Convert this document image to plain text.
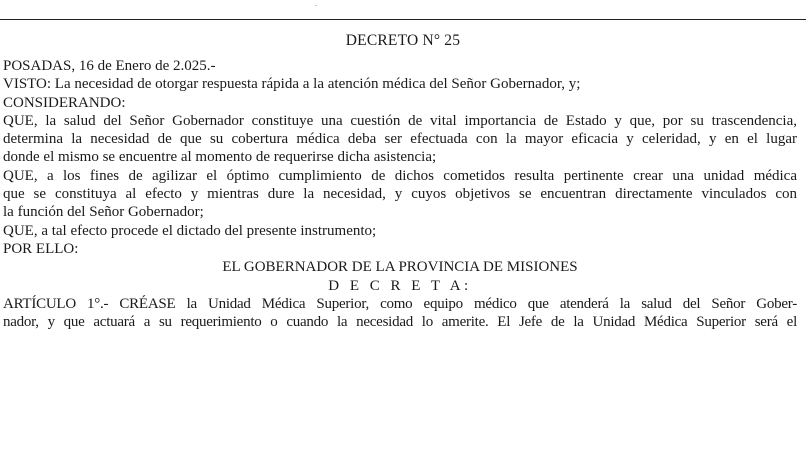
DECRETO N° 25
POSADAS, 16 de Enero de 2.025.-
VISTO: La necesidad de otorgar respuesta rápida a la atención médica del Señor Gobernador, y;
CONSIDERANDO:
QUE, la salud del Señor Gobernador constituye una cuestión de vital importancia de Estado y que, por su trascendencia,
determina la necesidad de que su cobertura médica deba ser efectuada con la mayor eficacia y celeridad, y en el lugar
donde el mismo se encuentre al momento de requerirse dicha asistencia;
QUE, a los fines de agilizar el óptimo cumplimiento de dichos cometidos resulta pertinente crear una unidad médica
que se constituya al efecto y mientras dure la necesidad, y cuyos objetivos se encuentran directamente vinculados con
la función del Señor Gobernador;
QUE, a tal efecto procede el dictado del presente instrumento;
POR ELLO:
EL GOBERNADOR DE LA PROVINCIA DE MISIONES
D E C R E T A:
ARTÍCULO 1°.- CRÉASE la Unidad Médica Superior, como equipo médico que atenderá la salud del Señor Gober-
nador, y que actuará a su requerimiento o cuando la necesidad lo amerite. El Jefe de la Unidad Médica Superior será el
